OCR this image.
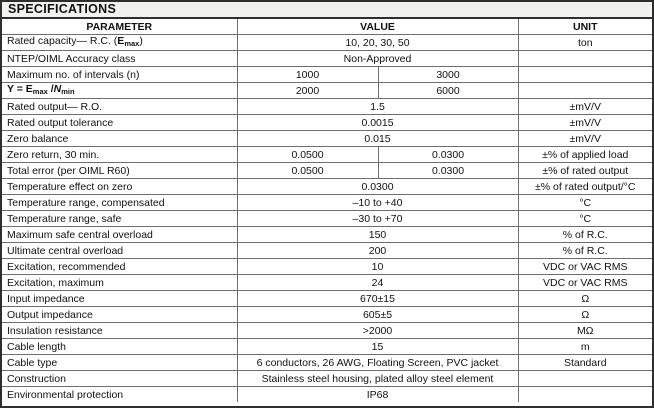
SPECIFICATIONS
PARAMETER	VALUE		UNIT
Rated capacity— R.C. $(E_{max})$	10, 20, 30, 50		ton
NTEP/OIML Accuracy class	Non-Approved		
Maximum no. of intervals (n)	1000	3000	
$Y = E_{max}$ $/N_{min}$	2000	6000	
Rated output— R.O.	1.5		±mV/V
Rated output tolerance	0.0015		±mV/V
Zero balance	0.015		±mV/V
Zero return, 30 min.	0.0500	0.0300	±% of applied load
Total error (per OIML R60)	0.0500	0.0300	±% of rated output
Temperature effect on zero	0.0300		±% of rated output/°C
Temperature range, compensated	–10 to +40		°C
Temperature range, safe	–30 to +70		°C
Maximum safe central overload	150		% of R.C.
Ultimate central overload	200		% of R.C.
Excitation, recommended	10		VDC or VAC RMS
Excitation, maximum	24		VDC or VAC RMS
Input impedance	670±15		Ω
Output impedance	605±5		Ω
Insulation resistance	>2000		MΩ
Cable length	15		m
Cable type	6 conductors, 26 AWG, Floating Screen, PVC jacket		Standard
Construction	Stainless steel housing, plated alloy steel element		
Environmental protection	IP68		
